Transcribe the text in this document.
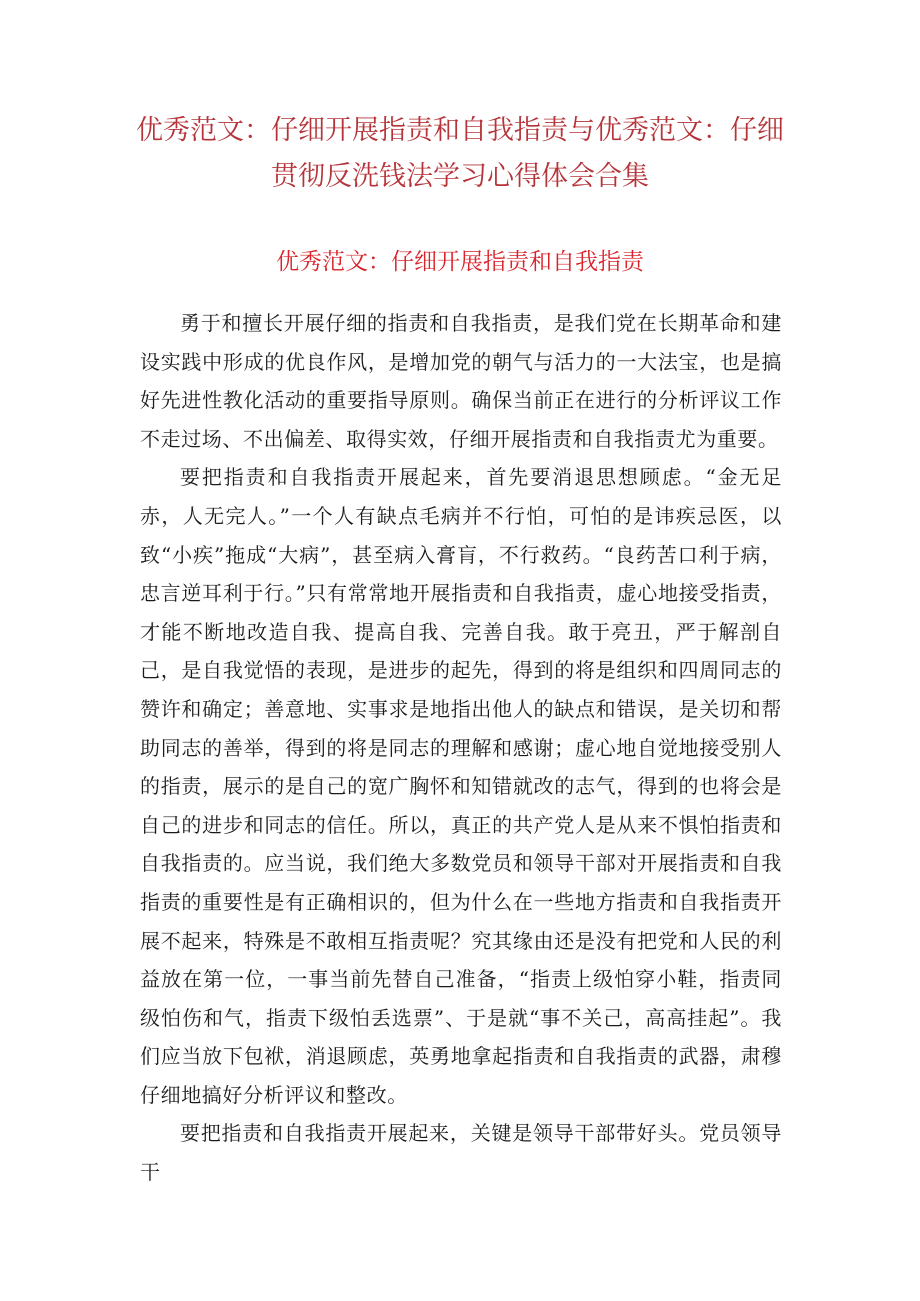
优秀范文：仔细开展指责和自我指责与优秀范文：仔细贯彻反洗钱法学习心得体会合集
优秀范文：仔细开展指责和自我指责

勇于和擅长开展仔细的指责和自我指责，是我们党在长期革命和建设实践中形成的优良作风，是增加党的朝气与活力的一大法宝，也是搞好先进性教化活动的重要指导原则。确保当前正在进行的分析评议工作不走过场、不出偏差、取得实效，仔细开展指责和自我指责尤为重要。

要把指责和自我指责开展起来，首先要消退思想顾虑。“金无足赤，人无完人。”一个人有缺点毛病并不行怕，可怕的是讳疾忌医，以致“小疾”拖成“大病”，甚至病入膏肓，不行救药。“良药苦口利于病，忠言逆耳利于行。”只有常常地开展指责和自我指责，虚心地接受指责，才能不断地改造自我、提高自我、完善自我。敢于亮丑，严于解剖自己，是自我觉悟的表现，是进步的起先，得到的将是组织和四周同志的赞许和确定；善意地、实事求是地指出他人的缺点和错误，是关切和帮助同志的善举，得到的将是同志的理解和感谢；虚心地自觉地接受别人的指责，展示的是自己的宽广胸怀和知错就改的志气，得到的也将会是自己的进步和同志的信任。所以，真正的共产党人是从来不惧怕指责和自我指责的。应当说，我们绝大多数党员和领导干部对开展指责和自我指责的重要性是有正确相识的，但为什么在一些地方指责和自我指责开展不起来，特殊是不敢相互指责呢？究其缘由还是没有把党和人民的利益放在第一位，一事当前先替自己准备，“指责上级怕穿小鞋，指责同级怕伤和气，指责下级怕丢选票”、于是就“事不关己，高高挂起”。我们应当放下包袱，消退顾虑，英勇地拿起指责和自我指责的武器，肃穆仔细地搞好分析评议和整改。

要把指责和自我指责开展起来，关键是领导干部带好头。党员领导干
